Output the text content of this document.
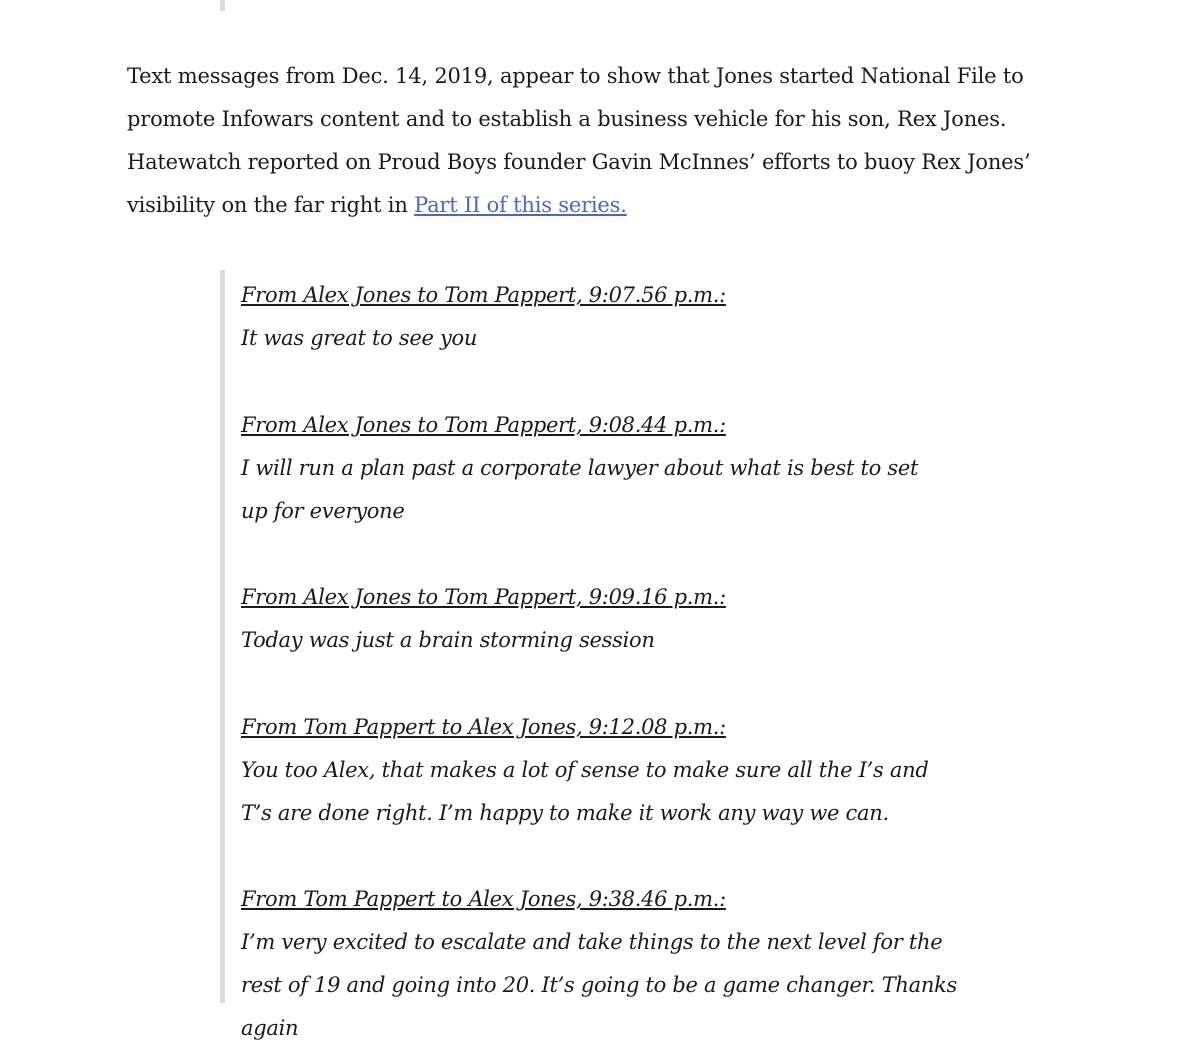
Text messages from Dec. 14, 2019, appear to show that Jones started National File to promote Infowars content and to establish a business vehicle for his son, Rex Jones. Hatewatch reported on Proud Boys founder Gavin McInnes’ efforts to buoy Rex Jones’ visibility on the far right in Part II of this series.

From Alex Jones to Tom Pappert, 9:07.56 p.m.:

It was great to see you

From Alex Jones to Tom Pappert, 9:08.44 p.m.:

I will run a plan past a corporate lawyer about what is best to set up for everyone

From Alex Jones to Tom Pappert, 9:09.16 p.m.:

Today was just a brain storming session

From Tom Pappert to Alex Jones, 9:12.08 p.m.:

You too Alex, that makes a lot of sense to make sure all the I’s and T’s are done right. I’m happy to make it work any way we can.

From Tom Pappert to Alex Jones, 9:38.46 p.m.:

I’m very excited to escalate and take things to the next level for the rest of 19 and going into 20. It’s going to be a game changer. Thanks again
